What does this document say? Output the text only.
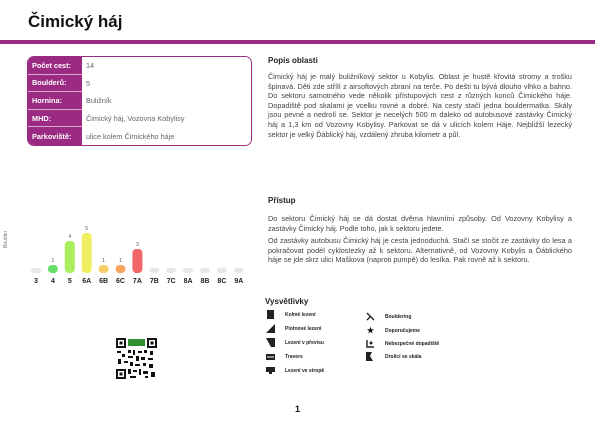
Čimický háj
Počet cest:	14
Boulderů:	5
Hornina:	Buližník
MHD:	Čimický háj, Vozovna Kobylisy
Parkoviště:	ulice kolem Čimického háje
Popis oblasti

Čimický háj je malý buližníkový sektor u Kobylis. Oblast je hustě křovitá stromy a trošku špinavá. Děti zde střílí z airsoftových zbraní na terče. Po dešti tu bývá dlouho vlhko a bahno. Do sektoru samotného vede několik přístupových cest z různých konců Čimického háje. Dopadiště pod skalami je vcelku rovné a dobré. Na cesty stačí jedna bouldermatka. Skály jsou pevné a nedrolí se. Sektor je necelých 500 m daleko od autobusové zastávky Čimický háj a 1,3 km od Vozovny Kobylisy. Parkovat se dá v ulicích kolem Háje. Nejbližší lezecký sektor je velký Ďáblický háj, vzdálený zhruba kilometr a půl.

Přístup

Do sektoru Čimický háj se dá dostat dvěma hlavními způsoby. Od Vozovny Kobylisy a zastávky Čimický háj. Podle toho, jak k sektoru jedete.

Od zastávky autobusu Čimický háj je cesta jednoduchá. Stačí se stočit ze zastávky do lesa a pokračovat podél cyklostezky až k sektoru. Alternativně, od Vozovny Kobylis a Ďáblického háje se jde skrz ulici Maškova (naproti pumpě) do lesíka. Pak rovně až k sektoru.

Boulder
3
1
4
4
5
5
6A
1
6B
1
6C
3
7A 7B 7C 8A 8B 8C 9A
Vysvětlivky
Kolmé lezení
Plotnové lezení
Lezení v převisu
Travers
Lezení ve stropě
Bouldering
★ Doporučujeme
Nebezpečné dopadiště
Drolící se skála
1
